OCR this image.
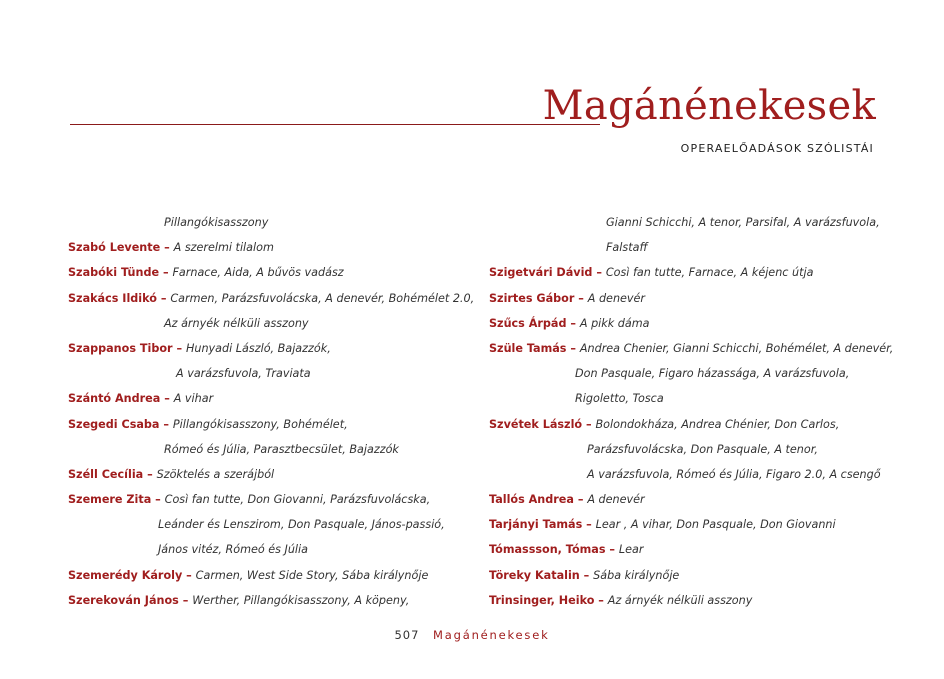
Magánénekesek
OPERAELŐADÁSOK SZÓLISTÁI
Pillangókisasszony
Szabó Levente – A szerelmi tilalom
Szabóki Tünde – Farnace, Aida, A bűvös vadász
Szakács Ildikó – Carmen, Parázsfuvolácska, A denevér, Bohémélet 2.0,
Az árnyék nélküli asszony
Szappanos Tibor – Hunyadi László, Bajazzók,
A varázsfuvola, Traviata
Szántó Andrea – A vihar
Szegedi Csaba – Pillangókisasszony, Bohémélet,
Rómeó és Júlia, Parasztbecsület, Bajazzók
Széll Cecília – Szöktelés a szerájból
Szemere Zita – Così fan tutte, Don Giovanni, Parázsfuvolácska,
Leánder és Lenszirom, Don Pasquale, János-passió,
János vitéz, Rómeó és Júlia
Szemerédy Károly – Carmen, West Side Story, Sába királynője
Szerekován János – Werther, Pillangókisasszony, A köpeny,
Gianni Schicchi, A tenor, Parsifal, A varázsfuvola,
Falstaff
Szigetvári Dávid – Così fan tutte, Farnace, A kéjenc útja
Szirtes Gábor – A denevér
Szűcs Árpád – A pikk dáma
Szüle Tamás – Andrea Chenier, Gianni Schicchi, Bohémélet, A denevér,
Don Pasquale, Figaro házassága, A varázsfuvola,
Rigoletto, Tosca
Szvétek László – Bolondokháza, Andrea Chénier, Don Carlos,
Parázsfuvolácska, Don Pasquale, A tenor,
A varázsfuvola, Rómeó és Júlia, Figaro 2.0, A csengő
Tallós Andrea – A denevér
Tarjányi Tamás – Lear , A vihar, Don Pasquale, Don Giovanni
Tómassson, Tómas – Lear
Töreky Katalin – Sába királynője
Trinsinger, Heiko – Az árnyék nélküli asszony
507 Magánénekesek
